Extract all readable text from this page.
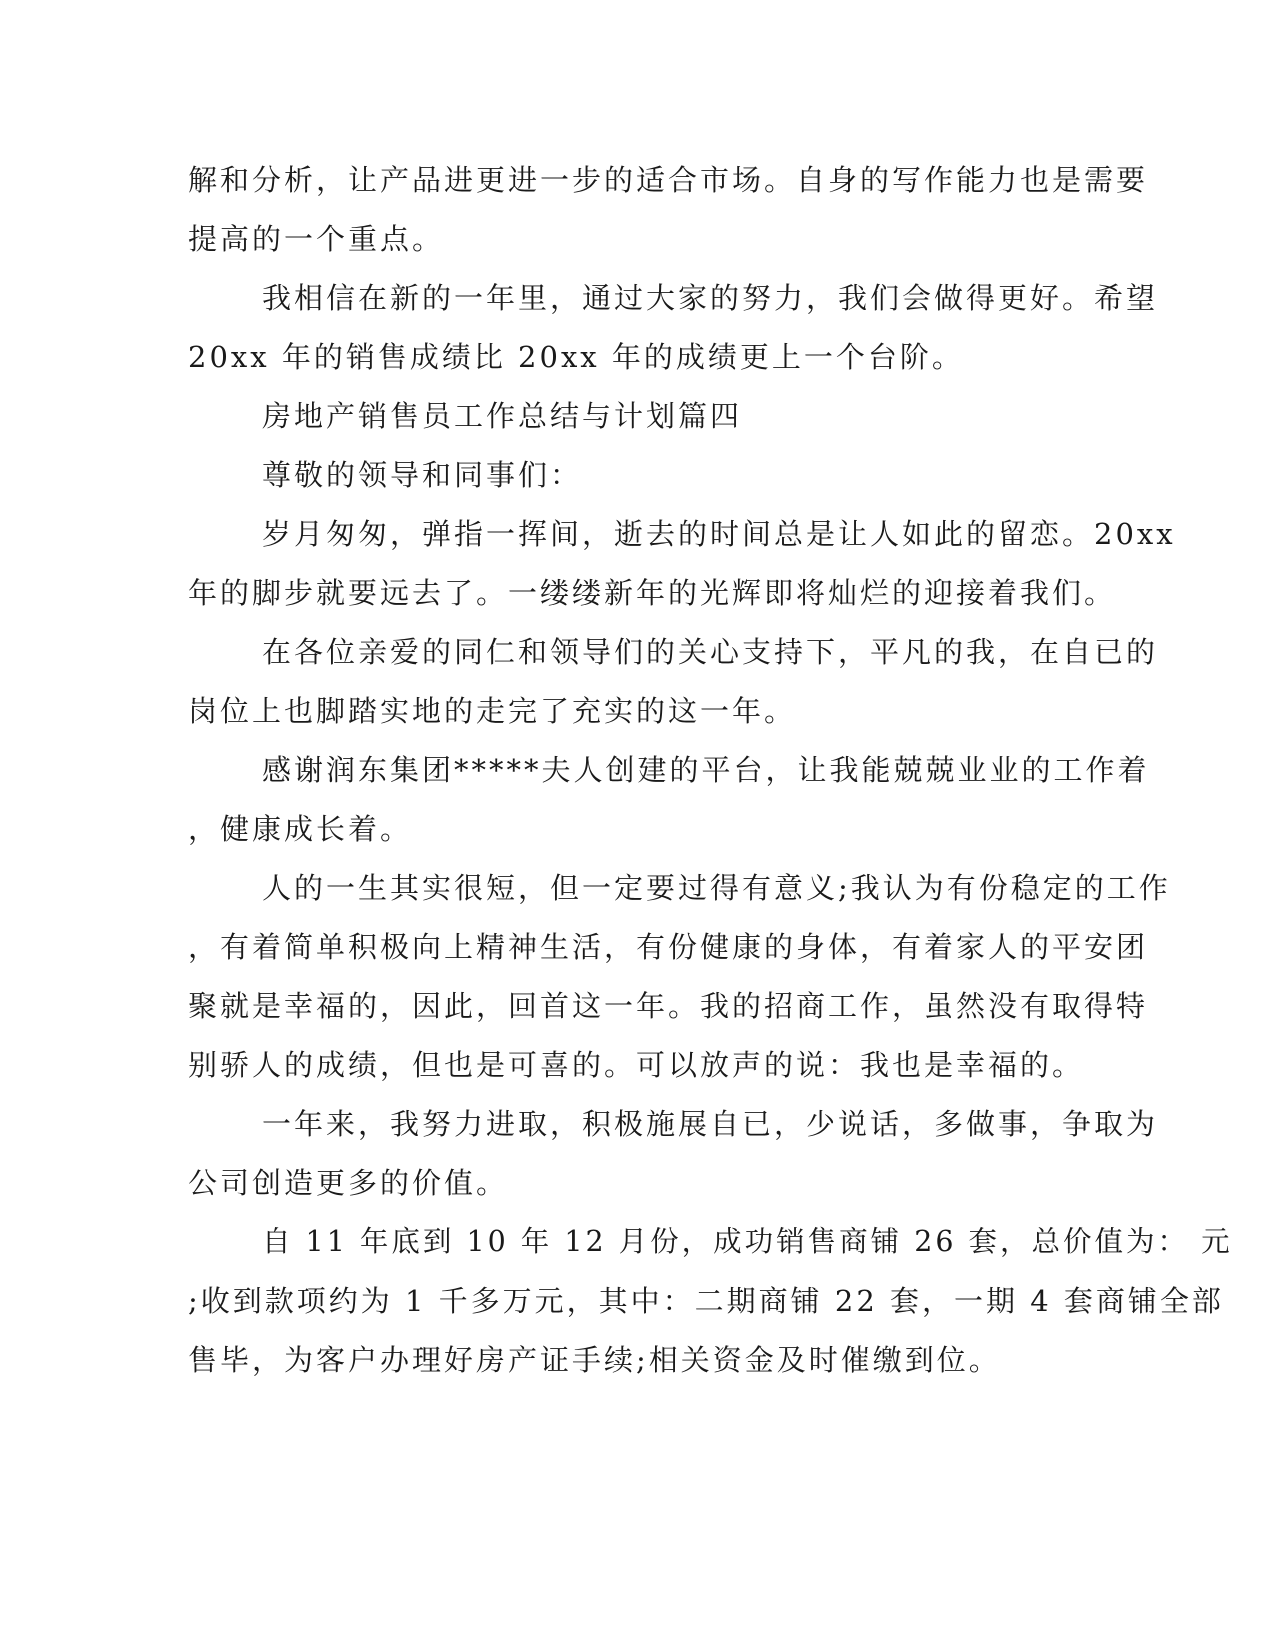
解和分析，让产品进更进一步的适合市场。自身的写作能力也是需要
提高的一个重点。
我相信在新的一年里，通过大家的努力，我们会做得更好。希望
20xx 年的销售成绩比 20xx 年的成绩更上一个台阶。
房地产销售员工作总结与计划篇四
尊敬的领导和同事们：
岁月匆匆，弹指一挥间，逝去的时间总是让人如此的留恋。20xx
年的脚步就要远去了。一缕缕新年的光辉即将灿烂的迎接着我们。
在各位亲爱的同仁和领导们的关心支持下，平凡的我，在自已的
岗位上也脚踏实地的走完了充实的这一年。
感谢润东集团*****夫人创建的平台，让我能兢兢业业的工作着
，健康成长着。
人的一生其实很短，但一定要过得有意义;我认为有份稳定的工作
，有着简单积极向上精神生活，有份健康的身体，有着家人的平安团
聚就是幸福的，因此，回首这一年。我的招商工作，虽然没有取得特
别骄人的成绩，但也是可喜的。可以放声的说：我也是幸福的。
一年来，我努力进取，积极施展自已，少说话，多做事，争取为
公司创造更多的价值。
自 11 年底到 10 年 12 月份，成功销售商铺 26 套，总价值为： 元
;收到款项约为 1 千多万元，其中：二期商铺 22 套，一期 4 套商铺全部
售毕，为客户办理好房产证手续;相关资金及时催缴到位。
